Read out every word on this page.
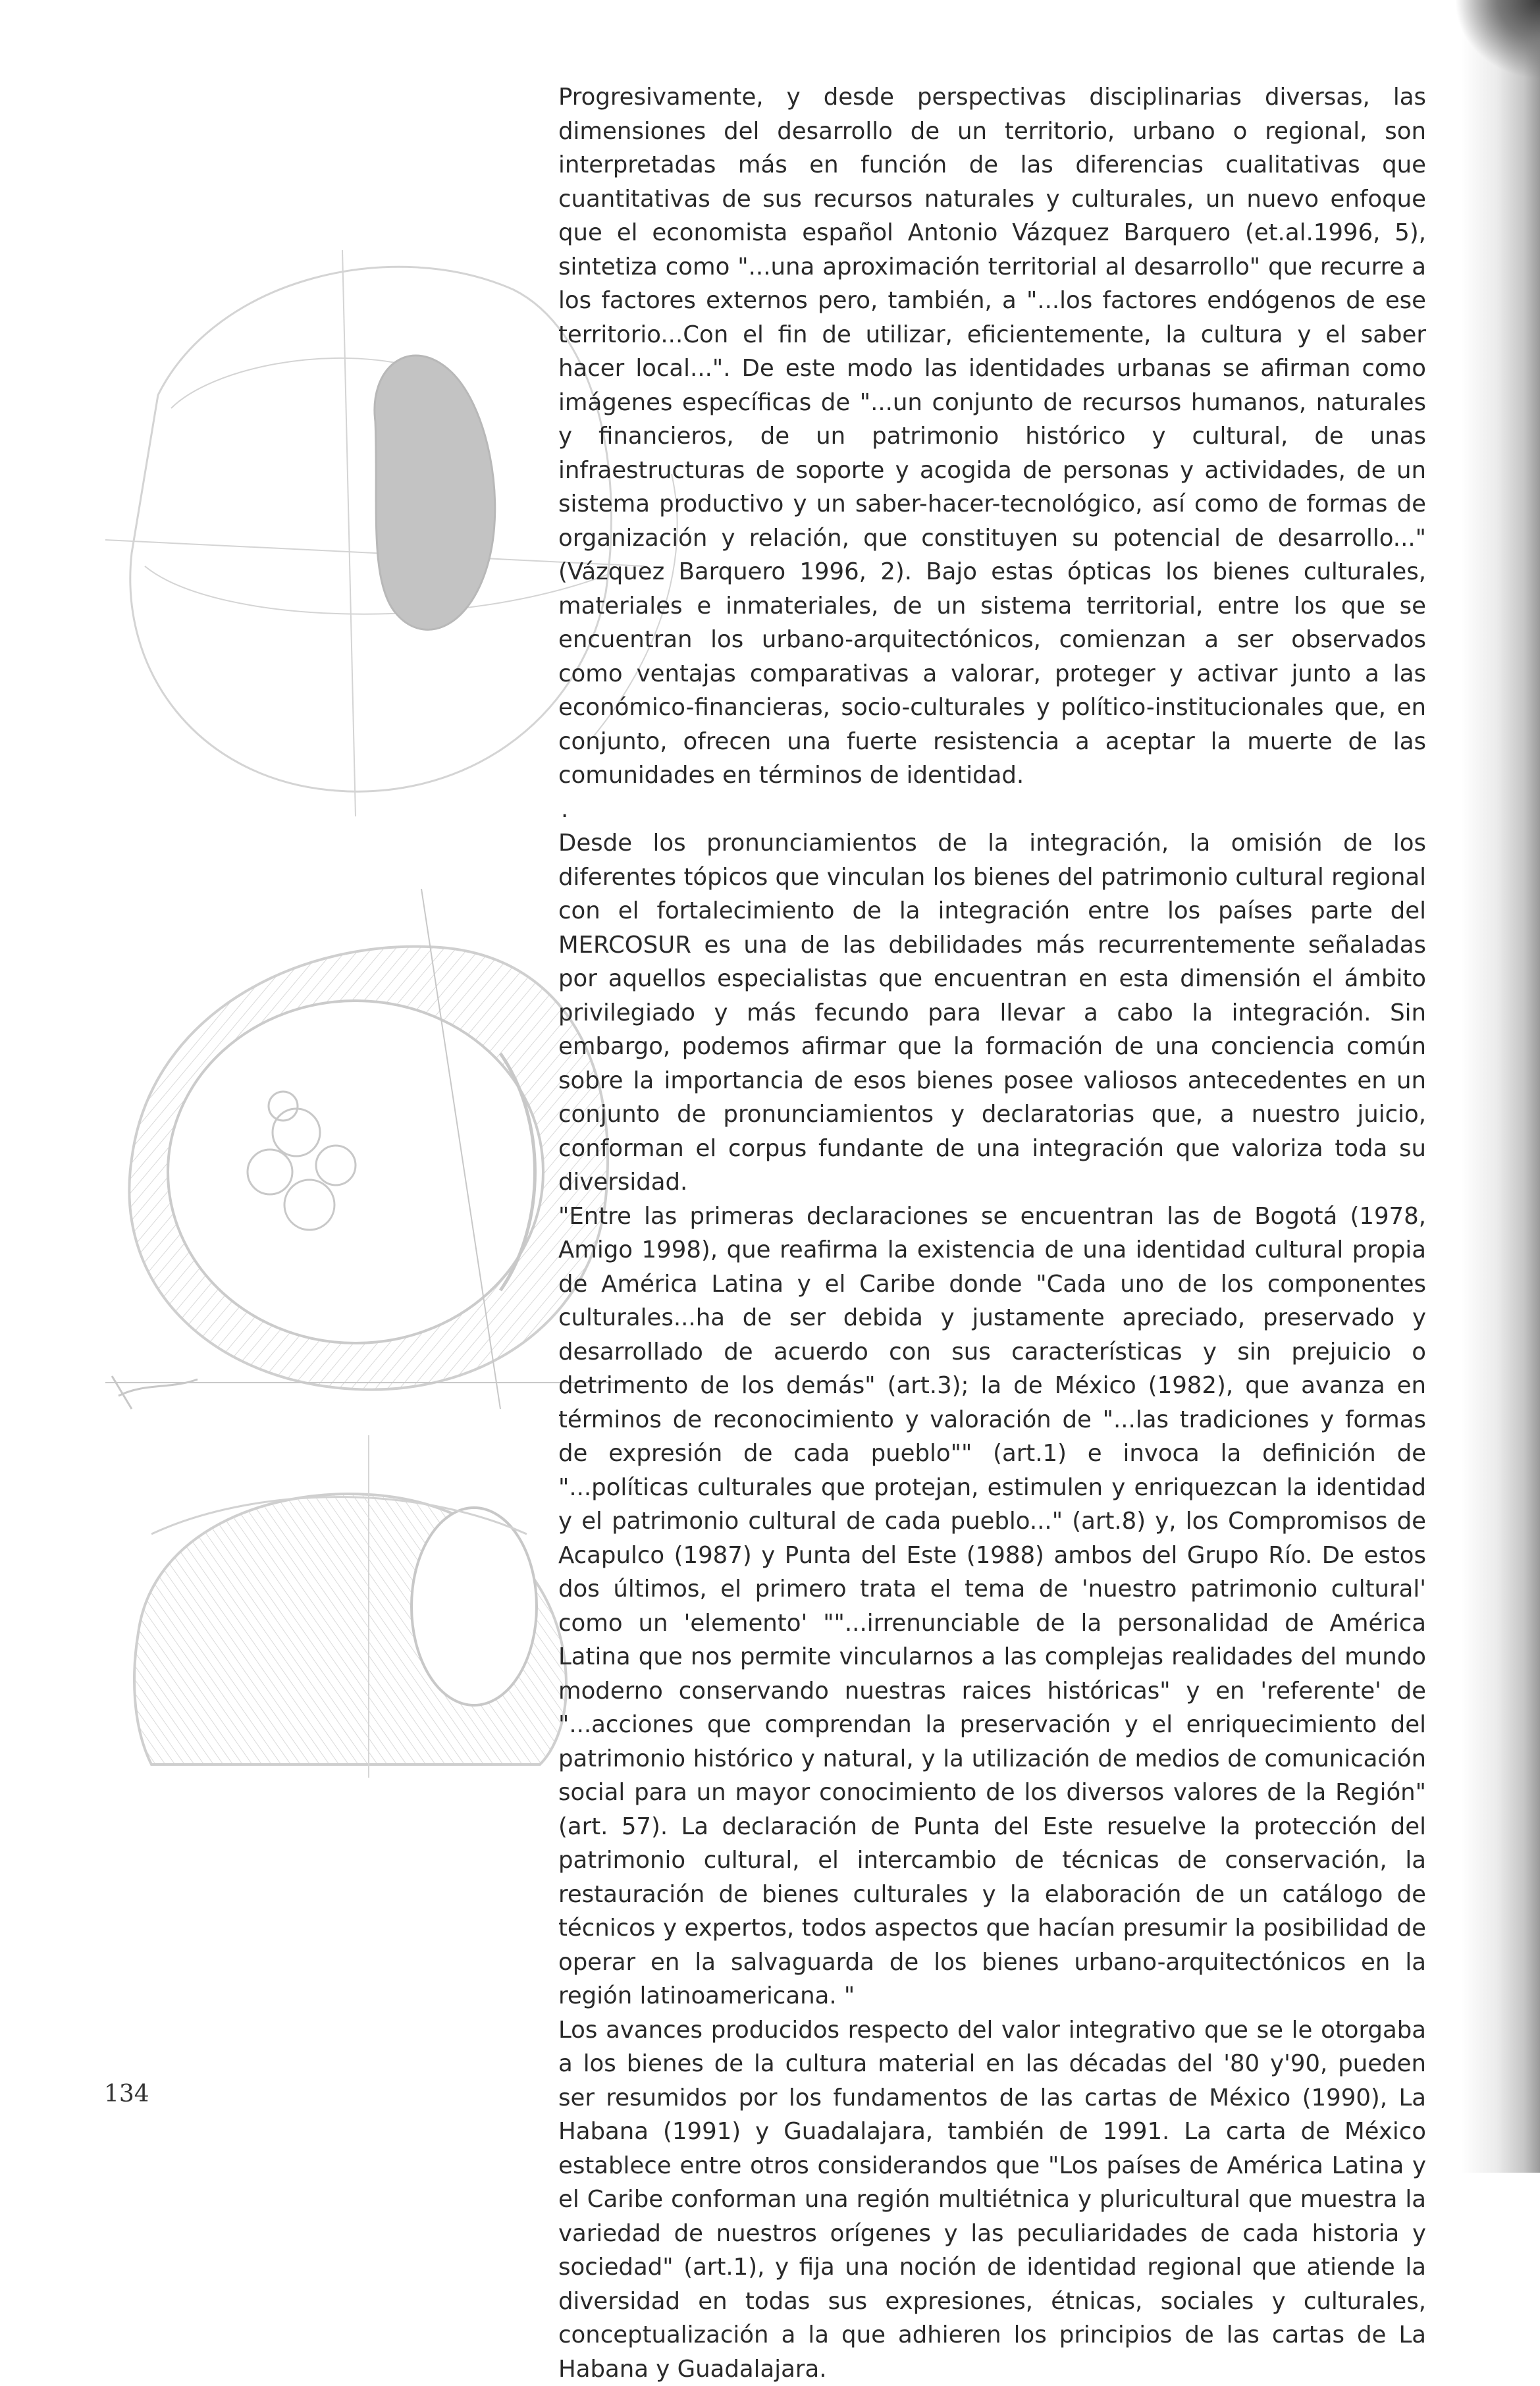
Progresivamente, y desde perspectivas disciplinarias diversas, las dimensiones del desarrollo de un territorio, urbano o regional, son interpretadas más en función de las diferencias cualitativas que cuantitativas de sus recursos naturales y culturales, un nuevo enfoque que el economista español Antonio Vázquez Barquero (et.al.1996, 5), sintetiza como "...una aproximación territorial al desarrollo" que recurre a los factores externos pero, también, a "...los factores endógenos de ese territorio...Con el fin de utilizar, eficientemente, la cultura y el saber hacer local...". De este modo las identidades urbanas se afirman como imágenes específicas de "...un conjunto de recursos humanos, naturales y financieros, de un patrimonio histórico y cultural, de unas infraestructuras de soporte y acogida de personas y actividades, de un sistema productivo y un saber-hacer-tecnológico, así como de formas de organización y relación, que constituyen su potencial de desarrollo..." (Vázquez Barquero 1996, 2). Bajo estas ópticas los bienes culturales, materiales e inmateriales, de un sistema territorial, entre los que se encuentran los urbano-arquitectónicos, comienzan a ser observados como ventajas comparativas a valorar, proteger y activar junto a las económico-financieras, socio-culturales y político-institucionales que, en conjunto, ofrecen una fuerte resistencia a aceptar la muerte de las comunidades en términos de identidad.

.

Desde los pronunciamientos de la integración, la omisión de los diferentes tópicos que vinculan los bienes del patrimonio cultural regional con el fortalecimiento de la integración entre los países parte del MERCOSUR es una de las debilidades más recurrentemente señaladas por aquellos especialistas que encuentran en esta dimensión el ámbito privilegiado y más fecundo para llevar a cabo la integración. Sin embargo, podemos afirmar que la formación de una conciencia común sobre la importancia de esos bienes posee valiosos antecedentes en un conjunto de pronunciamientos y declaratorias que, a nuestro juicio, conforman el corpus fundante de una integración que valoriza toda su diversidad.

"Entre las primeras declaraciones se encuentran las de Bogotá (1978, Amigo 1998), que reafirma la existencia de una identidad cultural propia de América Latina y el Caribe donde "Cada uno de los componentes culturales...ha de ser debida y justamente apreciado, preservado y desarrollado de acuerdo con sus características y sin prejuicio o detrimento de los demás" (art.3); la de México (1982), que avanza en términos de reconocimiento y valoración de "...las tradiciones y formas de expresión de cada pueblo"" (art.1) e invoca la definición de "...políticas culturales que protejan, estimulen y enriquezcan la identidad y el patrimonio cultural de cada pueblo..." (art.8) y, los Compromisos de Acapulco (1987) y Punta del Este (1988) ambos del Grupo Río. De estos dos últimos, el primero trata el tema de 'nuestro patrimonio cultural' como un 'elemento' ""...irrenunciable de la personalidad de América Latina que nos permite vincularnos a las complejas realidades del mundo moderno conservando nuestras raices históricas" y en 'referente' de "...acciones que comprendan la preservación y el enriquecimiento del patrimonio histórico y natural, y la utilización de medios de comunicación social para un mayor conocimiento de los diversos valores de la Región" (art. 57). La declaración de Punta del Este resuelve la protección del patrimonio cultural, el intercambio de técnicas de conservación, la restauración de bienes culturales y la elaboración de un catálogo de técnicos y expertos, todos aspectos que hacían presumir la posibilidad de operar en la salvaguarda de los bienes urbano-arquitectónicos en la región latinoamericana. "

Los avances producidos respecto del valor integrativo que se le otorgaba a los bienes de la cultura material en las décadas del '80 y'90, pueden ser resumidos por los fundamentos de las cartas de México (1990), La Habana (1991) y Guadalajara, también de 1991. La carta de México establece entre otros considerandos que "Los países de América Latina y el Caribe conforman una región multiétnica y pluricultural que muestra la variedad de nuestros orígenes y las peculiaridades de cada historia y sociedad" (art.1), y fija una noción de identidad regional que atiende la diversidad en todas sus expresiones, étnicas, sociales y culturales, conceptualización a la que adhieren los principios de las cartas de La Habana y Guadalajara.

134
